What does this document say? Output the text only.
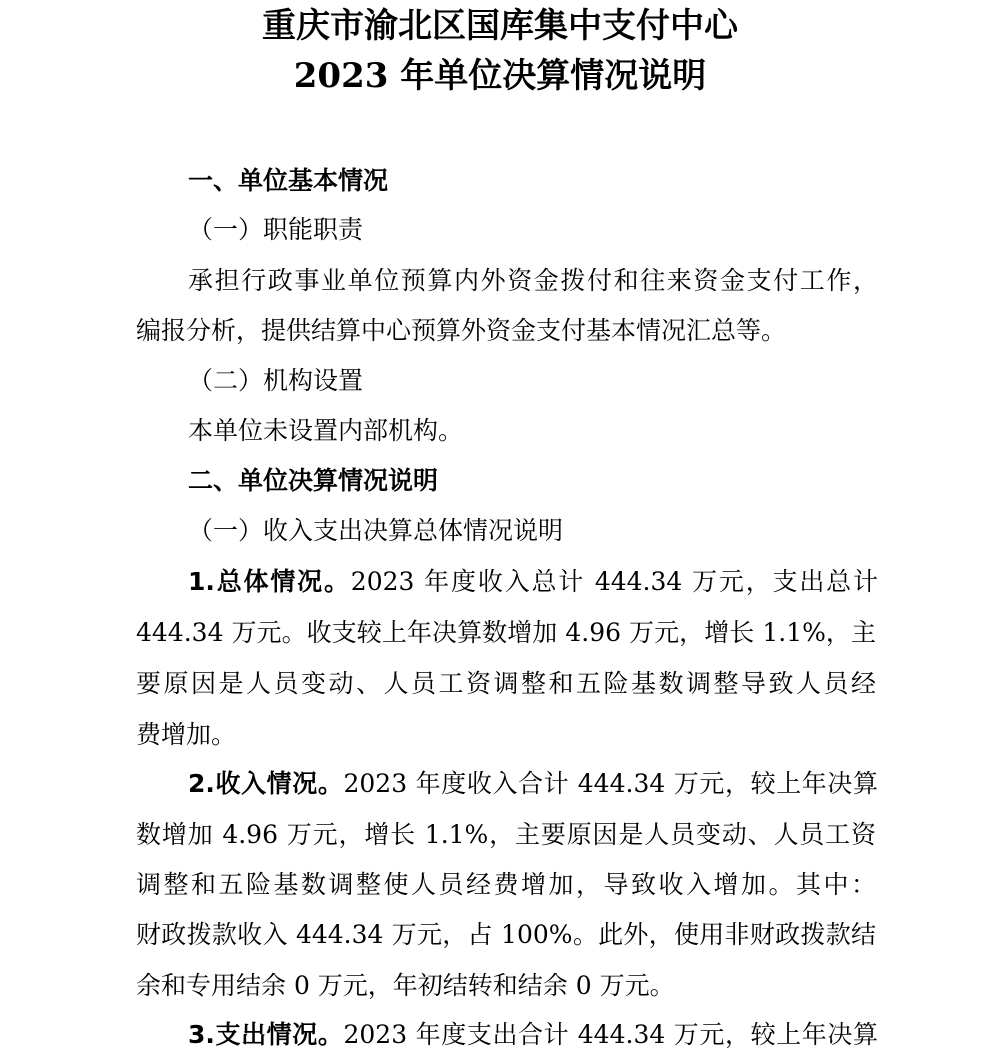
重庆市渝北区国库集中支付中心
2023 年单位决算情况说明
一、单位基本情况
（一）职能职责
承担行政事业单位预算内外资金拨付和往来资金支付工作，
编报分析，提供结算中心预算外资金支付基本情况汇总等。
（二）机构设置
本单位未设置内部机构。
二、单位决算情况说明
（一）收入支出决算总体情况说明
1.总体情况。2023 年度收入总计 444.34 万元，支出总计
444.34 万元。收支较上年决算数增加 4.96 万元，增长 1.1%，主
要原因是人员变动、人员工资调整和五险基数调整导致人员经
费增加。
2.收入情况。2023 年度收入合计 444.34 万元，较上年决算
数增加 4.96 万元，增长 1.1%，主要原因是人员变动、人员工资
调整和五险基数调整使人员经费增加，导致收入增加。其中：
财政拨款收入 444.34 万元，占 100%。此外，使用非财政拨款结
余和专用结余 0 万元，年初结转和结余 0 万元。
3.支出情况。2023 年度支出合计 444.34 万元，较上年决算
